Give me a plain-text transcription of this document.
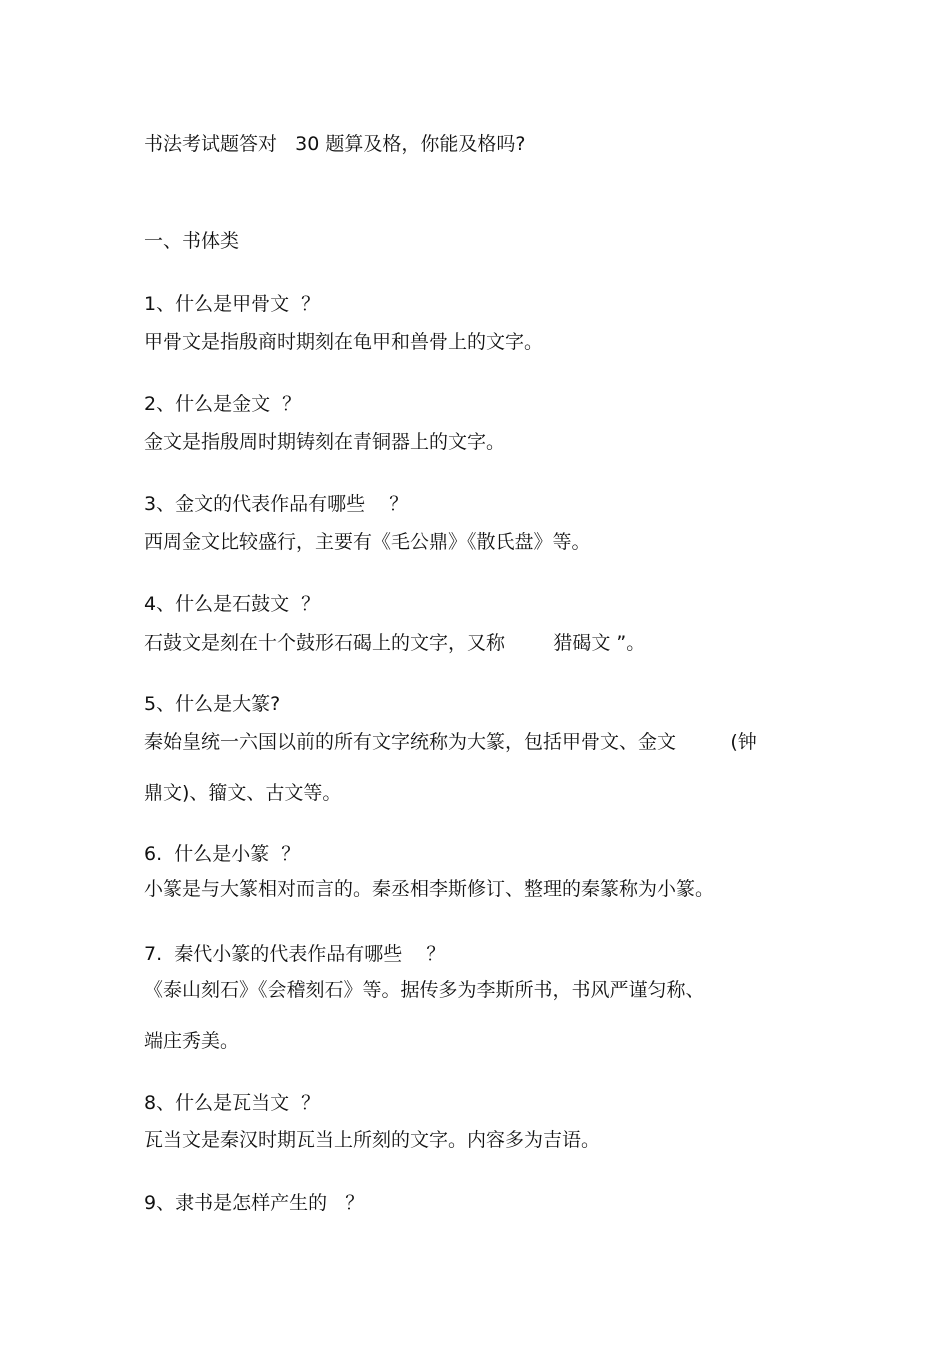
书法考试题答对   30 题算及格，你能及格吗?
一、书体类
1、什么是甲骨文  ？
甲骨文是指殷商时期刻在龟甲和兽骨上的文字。
2、什么是金文  ？
金文是指殷周时期铸刻在青铜器上的文字。
3、金文的代表作品有哪些    ？
西周金文比较盛行，主要有《毛公鼎》《散氏盘》等。
4、什么是石鼓文  ？
石鼓文是刻在十个鼓形石碣上的文字，又称        猎碣文 ”。
5、什么是大篆?
秦始皇统一六国以前的所有文字统称为大篆，包括甲骨文、金文         (钟
鼎文)、籀文、古文等。
6.  什么是小篆  ？
小篆是与大篆相对而言的。秦丞相李斯修订、整理的秦篆称为小篆。
7.  秦代小篆的代表作品有哪些    ？
《泰山刻石》《会稽刻石》等。据传多为李斯所书，书风严谨匀称、
端庄秀美。
8、什么是瓦当文  ？
瓦当文是秦汉时期瓦当上所刻的文字。内容多为吉语。
9、隶书是怎样产生的   ？
